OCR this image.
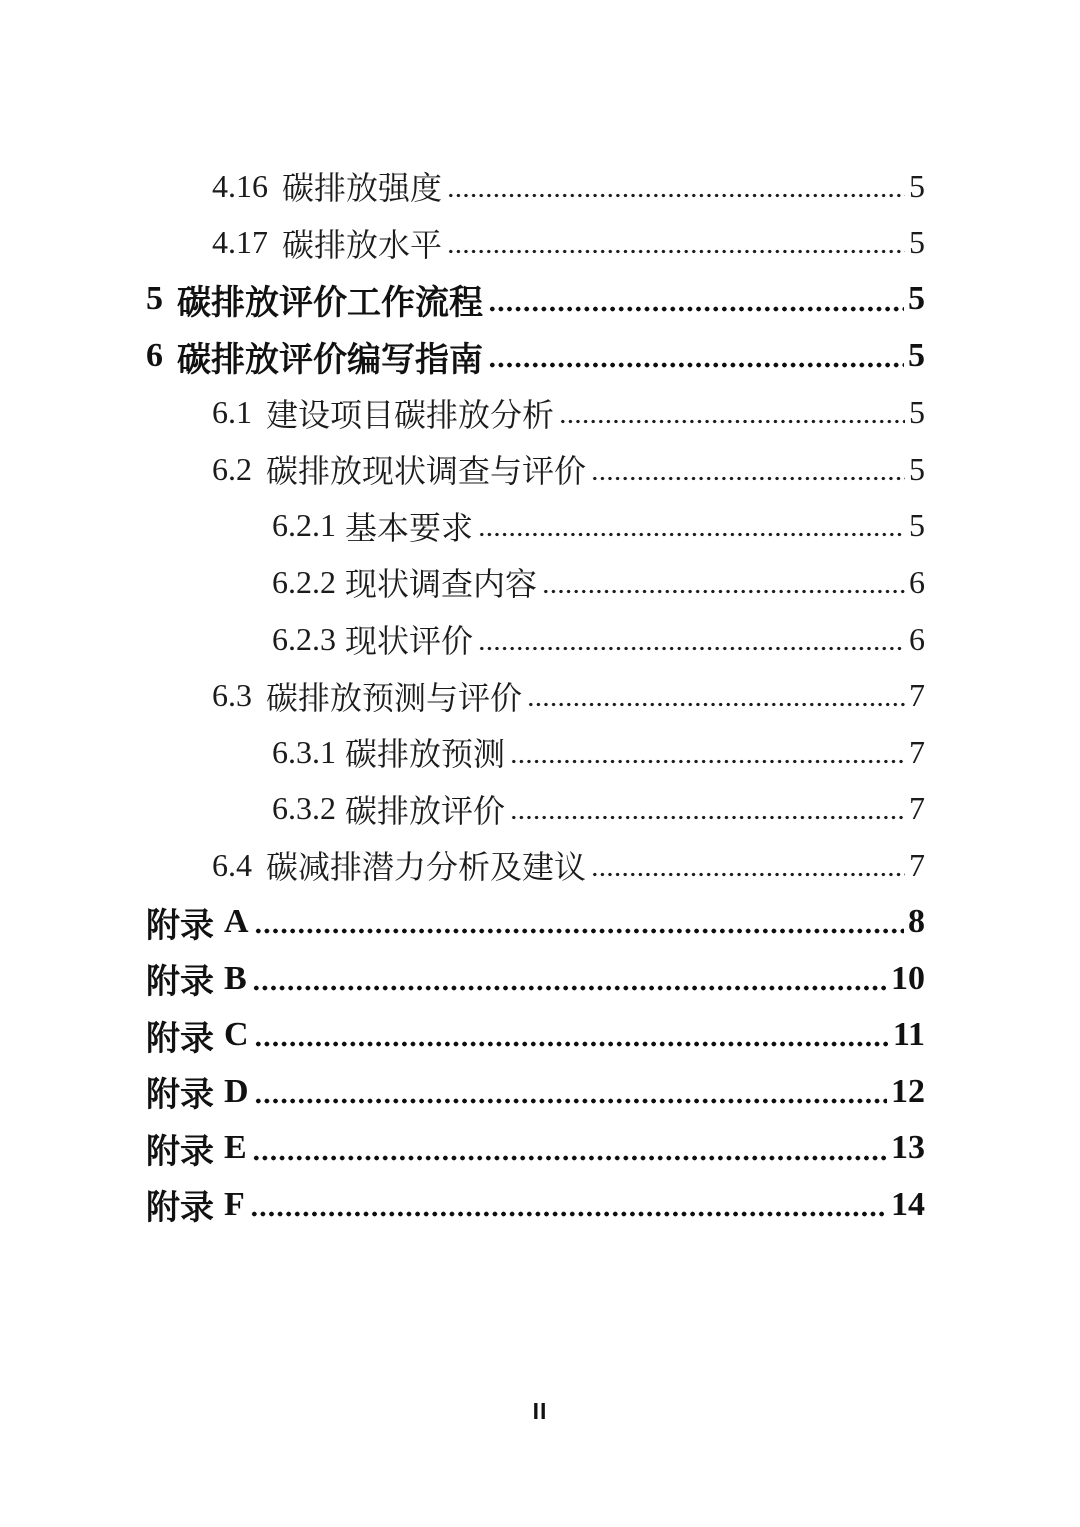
4.16 碳排放强度	5
4.17 碳排放水平	5
5 碳排放评价工作流程	5
6 碳排放评价编写指南	5
6.1 建设项目碳排放分析	5
6.2 碳排放现状调查与评价	5
6.2.1 基本要求	5
6.2.2 现状调查内容	6
6.2.3 现状评价	6
6.3 碳排放预测与评价	7
6.3.1 碳排放预测	7
6.3.2 碳排放评价	7
6.4 碳减排潜力分析及建议	7
附录 A	8
附录 B	10
附录 C	11
附录 D	12
附录 E	13
附录 F	14
II
